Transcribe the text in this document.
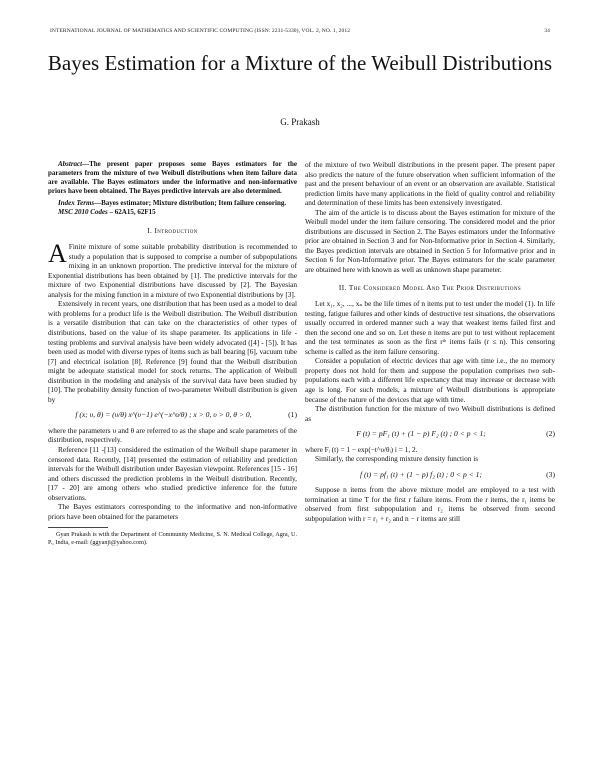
INTERNATIONAL JOURNAL OF MATHEMATICS AND SCIENTIFIC COMPUTING (ISSN: 2231-5330), VOL. 2, NO. 1, 2012	34
Bayes Estimation for a Mixture of the Weibull Distributions
G. Prakash

Abstract—The present paper proposes some Bayes estimators for the parameters from the mixture of two Weibull distributions when item failure data are available. The Bayes estimators under the informative and non-informative priors have been obtained. The Bayes predictive intervals are also determined.

Index Terms—Bayes estimator; Mixture distribution; Item failure censoring.

MSC 2010 Codes – 62A15, 62F15

I. Introduction

A Finite mixture of some suitable probability distribution is recommended to study a population that is supposed to comprise a number of subpopulations mixing in an unknown proportion. The predictive interval for the mixture of Exponential distributions has been obtained by [1]. The predictive intervals for the mixture of two Exponential distributions have discussed by [2]. The Bayesian analysis for the mixing function in a mixture of two Exponential distributions by [3].

Extensively in recent years, one distribution that has been used as a model to deal with problems for a product life is the Weibull distribution. The Weibull distribution is a versatile distribution that can take on the characteristics of other types of distributions, based on the value of its shape parameter. Its applications in life - testing problems and survival analysis have been widely advocated ([4] - [5]). It has been used as model with diverse types of items such as ball bearing [6], vacuum tube [7] and electrical isolation [8]. Reference [9] found that the Weibull distribution might be adequate statistical model for stock returns. The application of Weibull distribution in the modeling and analysis of the survival data have been studied by [10]. The probability density function of two-parameter Weibull distribution is given by

f (x; υ, θ) = (υ/θ) x^(υ−1) e^(−x^υ/θ) ; x > 0, υ > 0, θ > 0,	(1)

where the parameters υ and θ are referred to as the shape and scale parameters of the distribution, respectively.

Reference [11 -[13] considered the estimation of the Weibull shape parameter in censored data. Recently, [14] presented the estimation of reliability and prediction intervals for the Weibull distribution under Bayesian viewpoint. References [15 - 16] and others discussed the prediction problems in the Weibull distribution. Recently, [17 - 20] are among others who studied predictive inference for the future observations.

The Bayes estimators corresponding to the informative and non-informative priors have been obtained for the parameters

Gyan Prakash is with the Department of Community Medicine, S. N. Medical College, Agra, U. P., India, e-mail: (ggyanji@yahoo.com).

of the mixture of two Weibull distributions in the present paper. The present paper also predicts the nature of the future observation when sufficient information of the past and the present behaviour of an event or an observation are available. Statistical prediction limits have many applications in the field of quality control and reliability and determination of these limits has been extensively investigated.

The aim of the article is to discuss about the Bayes estimation for mixture of the Weibull model under the item failure censoring. The considered model and the prior distributions are discussed in Section 2. The Bayes estimators under the Informative prior are obtained in Section 3 and for Non-Informative prior in Section 4. Similarly, the Bayes prediction intervals are obtained in Section 5 for Informative prior and in Section 6 for Non-Informative prior. The Bayes estimators for the scale parameter are obtained here with known as well as unknown shape parameter.

II. The Considered Model And The Prior Distributions

Let x₁, x₂, ..., xₙ be the life times of n items put to test under the model (1). In life testing, fatigue failures and other kinds of destructive test situations, the observations usually occurred in ordered manner such a way that weakest items failed first and then the second one and so on. Let these n items are put to test without replacement and the test terminates as soon as the first rᵗʰ items fails (r ≤ n). This censoring scheme is called as the item failure censoring.

Consider a population of electric devices that age with time i.e., the no memory property does not hold for them and suppose the population comprises two sub-populations each with a different life expectancy that may increase or decrease with age is long. For such models, a mixture of Weibull distributions is appropriate because of the nature of the devices that age with time.

The distribution function for the mixture of two Weibull distributions is defined as

F (t) = pF₁ (t) + (1 − p) F₂ (t) ; 0 < p < 1;	(2)

where Fᵢ (t) = 1 − exp(−t^υ/θᵢ) i = 1, 2.

Similarly, the corresponding mixture density function is

f (t) = pf₁ (t) + (1 − p) f₂ (t) ; 0 < p < 1;	(3)

Suppose n items from the above mixture model are employed to a test with termination at time T for the first r failure items. From the r items, the r₁ items be observed from first subpopulation and r₂ items be observed from second subpopulation with r = r₁ + r₂ and n − r items are still
